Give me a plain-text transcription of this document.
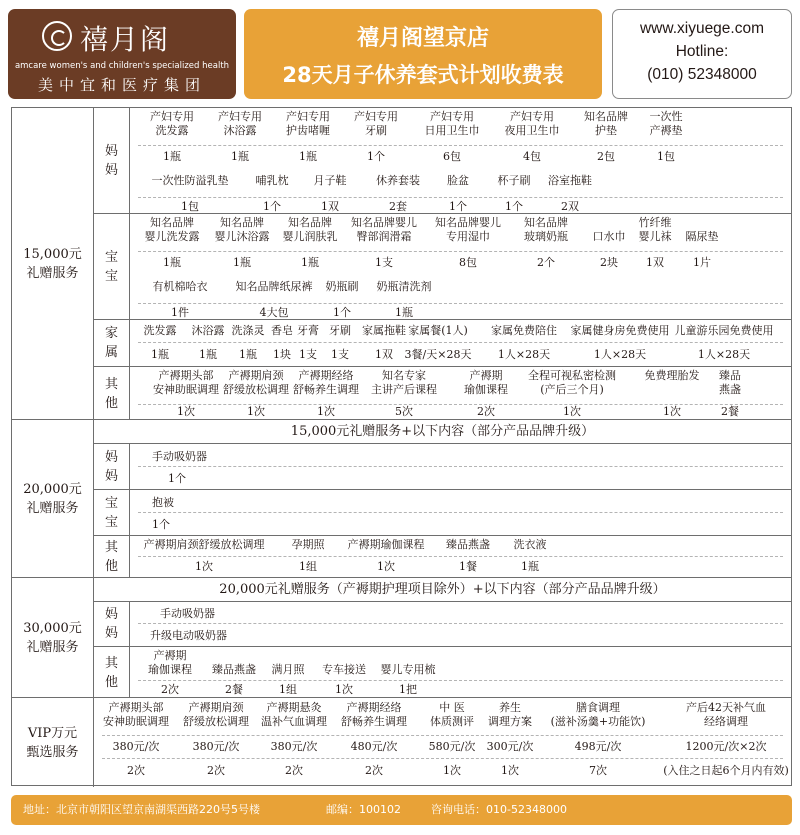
禧月阁
amcare women's and children's specialized health
美中宜和医疗集团
禧月阁望京店
28天月子休养套式计划收费表
www.xiyuege.com
Hotline:
(010) 52348000
15,000元
礼赠服务
妈
妈
产妇专用
洗发露
1瓶
产妇专用
沐浴露
1瓶
产妇专用
护齿啫喱
1瓶
产妇专用
牙刷
1个
产妇专用
日用卫生巾
6包
产妇专用
夜用卫生巾
4包
知名品牌
护垫
2包
一次性
产褥垫
1包
一次性防溢乳垫
1包
哺乳枕
1个
月子鞋
1双
休养套装
2套
脸盆
1个
杯子刷
1个
浴室拖鞋
2双
宝
宝
知名品牌
婴儿洗发露
1瓶
知名品牌
婴儿沐浴露
1瓶
知名品牌
婴儿润肤乳
1瓶
知名品牌婴儿
臀部润滑霜
1支
知名品牌婴儿
专用湿巾
8包
知名品牌
玻璃奶瓶
2个
口水巾
2块
竹纤维
婴儿袜
1双
隔尿垫
1片
有机棉哈衣
1件
知名品牌纸尿裤
4大包
奶瓶刷
1个
奶瓶清洗剂
1瓶
家
属
洗发露
1瓶
沐浴露
1瓶
洗涤灵
1瓶
香皂
1块
牙膏
1支
牙刷
1支
家属拖鞋
1双
家属餐(1人)
3餐/天×28天
家属免费陪住
1人×28天
家属健身房免费使用
1人×28天
儿童游乐园免费使用
1人×28天
其
他
产褥期头部
安神助眠调理
1次
产褥期肩颈
舒缓放松调理
1次
产褥期经络
舒畅养生调理
1次
知名专家
主讲产后课程
5次
产褥期
瑜伽课程
2次
全程可视私密检测
(产后三个月)
1次
免费理胎发
1次
臻品
燕盏
2餐
20,000元
礼赠服务
15,000元礼赠服务+以下内容（部分产品品牌升级）
妈
妈
手动吸奶器
1个
宝
宝
抱被
1个
其
他
产褥期肩颈舒缓放松调理
1次
孕期照
1组
产褥期瑜伽课程
1次
臻品燕盏
1餐
洗衣液
1瓶
30,000元
礼赠服务
20,000元礼赠服务（产褥期护理项目除外）+以下内容（部分产品品牌升级）
妈
妈
手动吸奶器
升级电动吸奶器
其
他
产褥期
瑜伽课程
2次
臻品燕盏
2餐
满月照
1组
专车接送
1次
婴儿专用梳
1把
VIP万元
甄选服务
产褥期头部
安神助眠调理
380元/次
2次
产褥期肩颈
舒缓放松调理
380元/次
2次
产褥期悬灸
温补气血调理
380元/次
2次
产褥期经络
舒畅养生调理
480元/次
2次
中 医
体质测评
580元/次
1次
养生
调理方案
300元/次
1次
膳食调理
(滋补汤羹+功能饮)
498元/次
7次
产后42天补气血
经络调理
1200元/次×2次
(入住之日起6个月内有效)
地址：北京市朝阳区望京南湖渠西路220号5号楼	邮编：100102	咨询电话：010-52348000
